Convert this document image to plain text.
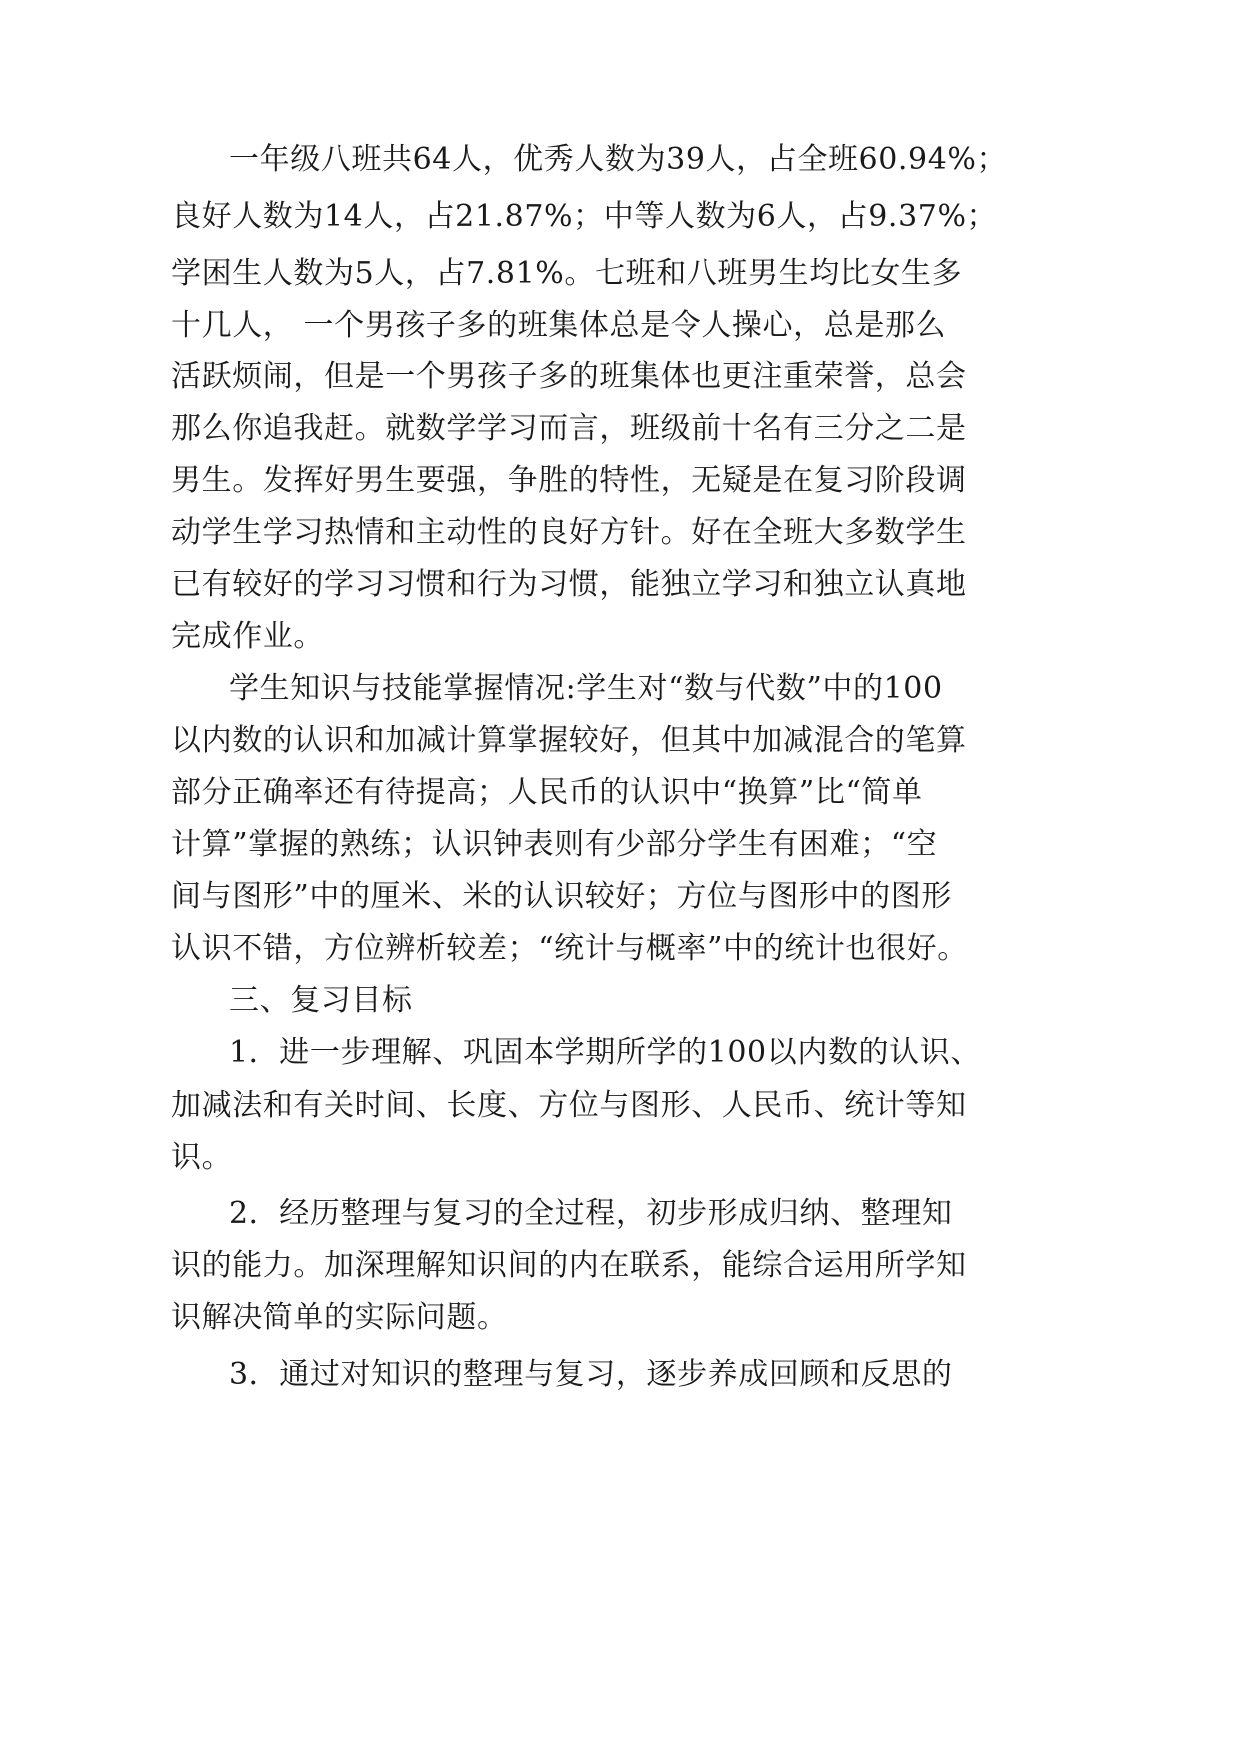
一年级八班共64人，优秀人数为39人，占全班60.94%；
良好人数为14人，占21.87%；中等人数为6人，占9.37%；
学困生人数为5人，占7.81%。七班和八班男生均比女生多
十几人， 一个男孩子多的班集体总是令人操心，总是那么
活跃烦闹，但是一个男孩子多的班集体也更注重荣誉，总会
那么你追我赶。就数学学习而言，班级前十名有三分之二是
男生。发挥好男生要强，争胜的特性，无疑是在复习阶段调
动学生学习热情和主动性的良好方针。好在全班大多数学生
已有较好的学习习惯和行为习惯，能独立学习和独立认真地
完成作业。
学生知识与技能掌握情况:学生对“数与代数”中的100
以内数的认识和加减计算掌握较好，但其中加减混合的笔算
部分正确率还有待提高；人民币的认识中“换算”比“简单
计算”掌握的熟练；认识钟表则有少部分学生有困难；“空
间与图形”中的厘米、米的认识较好；方位与图形中的图形
认识不错，方位辨析较差；“统计与概率”中的统计也很好。
三、复习目标
1．进一步理解、巩固本学期所学的100以内数的认识、
加减法和有关时间、长度、方位与图形、人民币、统计等知
识。
2．经历整理与复习的全过程，初步形成归纳、整理知
识的能力。加深理解知识间的内在联系，能综合运用所学知
识解决简单的实际问题。
3．通过对知识的整理与复习，逐步养成回顾和反思的
